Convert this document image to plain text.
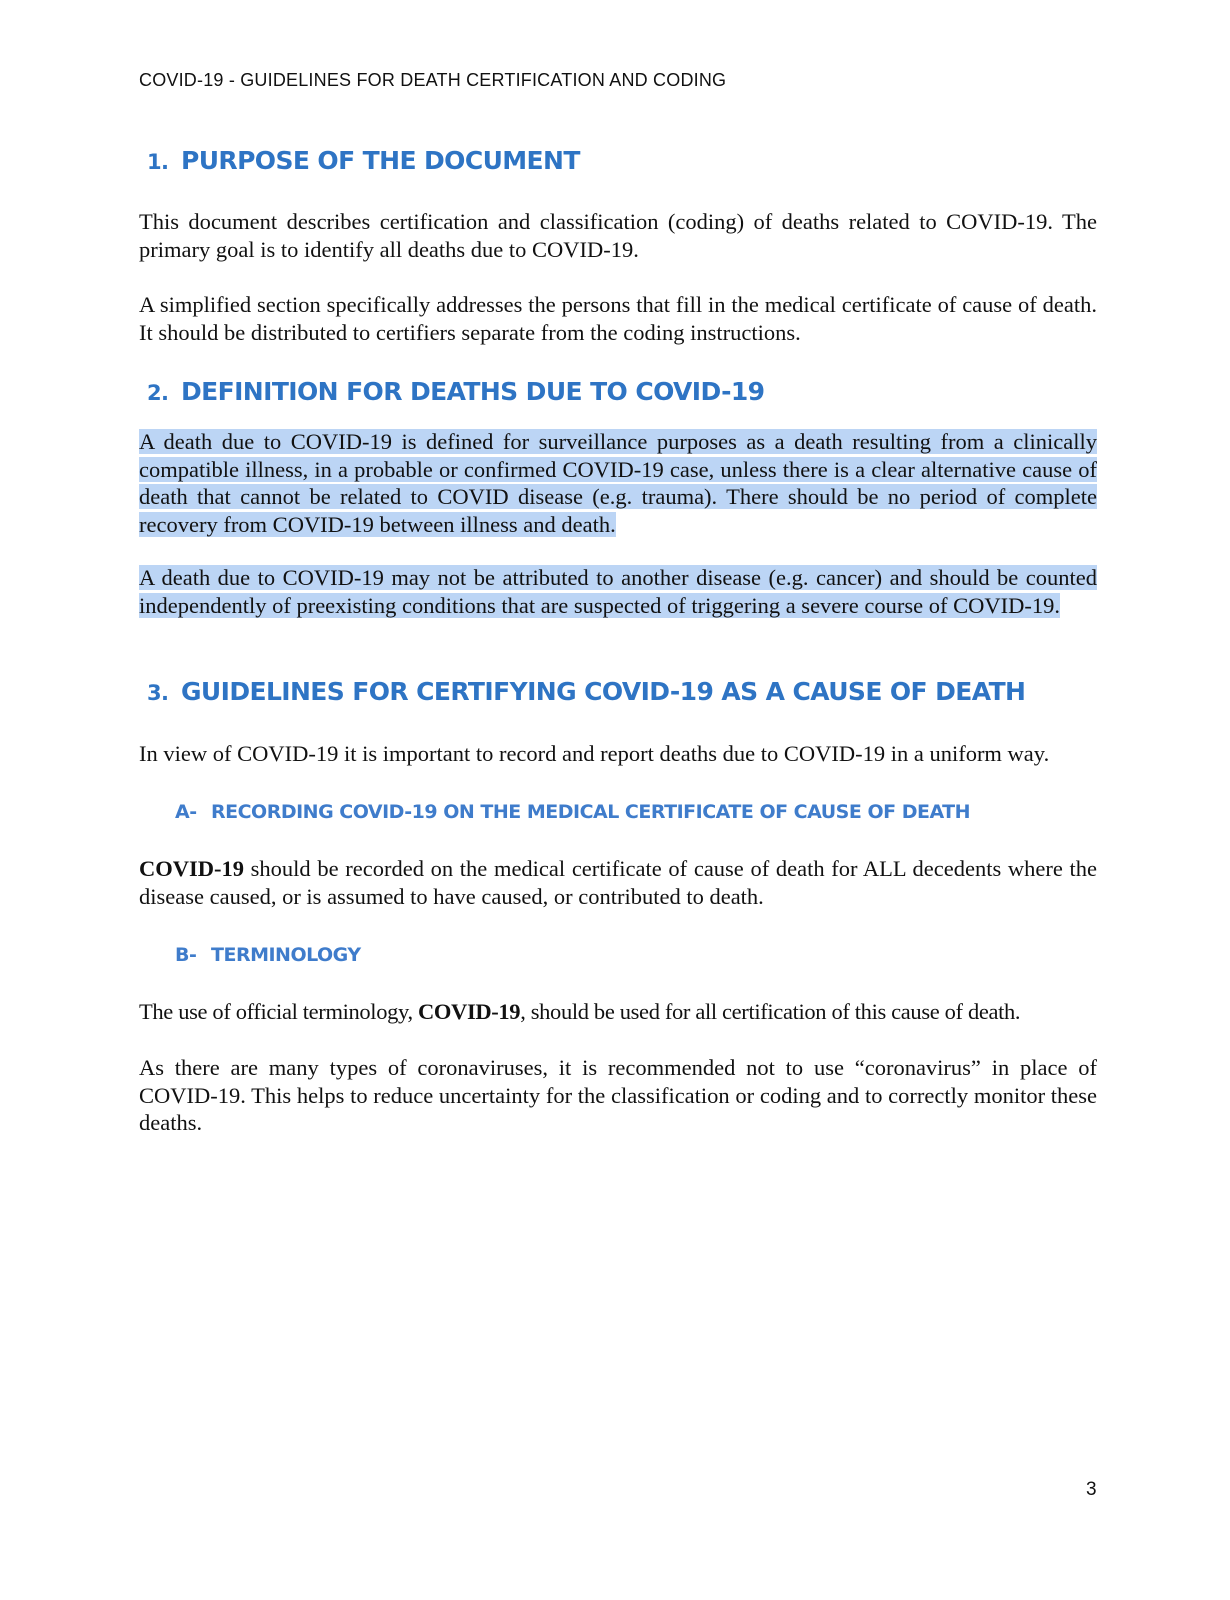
COVID-19 - GUIDELINES FOR DEATH CERTIFICATION AND CODING
1. PURPOSE OF THE DOCUMENT
This document describes certification and classification (coding) of deaths related to COVID-19. The primary goal is to identify all deaths due to COVID-19.
A simplified section specifically addresses the persons that fill in the medical certificate of cause of death. It should be distributed to certifiers separate from the coding instructions.
2. DEFINITION FOR DEATHS DUE TO COVID-19
A death due to COVID-19 is defined for surveillance purposes as a death resulting from a clinically compatible illness, in a probable or confirmed COVID-19 case, unless there is a clear alternative cause of death that cannot be related to COVID disease (e.g. trauma). There should be no period of complete recovery from COVID-19 between illness and death.
A death due to COVID-19 may not be attributed to another disease (e.g. cancer) and should be counted independently of preexisting conditions that are suspected of triggering a severe course of COVID-19.
3. GUIDELINES FOR CERTIFYING COVID-19 AS A CAUSE OF DEATH
In view of COVID-19 it is important to record and report deaths due to COVID-19 in a uniform way.
A- RECORDING COVID-19 ON THE MEDICAL CERTIFICATE OF CAUSE OF DEATH
COVID-19 should be recorded on the medical certificate of cause of death for ALL decedents where the disease caused, or is assumed to have caused, or contributed to death.
B- TERMINOLOGY
The use of official terminology, COVID-19, should be used for all certification of this cause of death.
As there are many types of coronaviruses, it is recommended not to use “coronavirus” in place of COVID-19. This helps to reduce uncertainty for the classification or coding and to correctly monitor these deaths.
3
